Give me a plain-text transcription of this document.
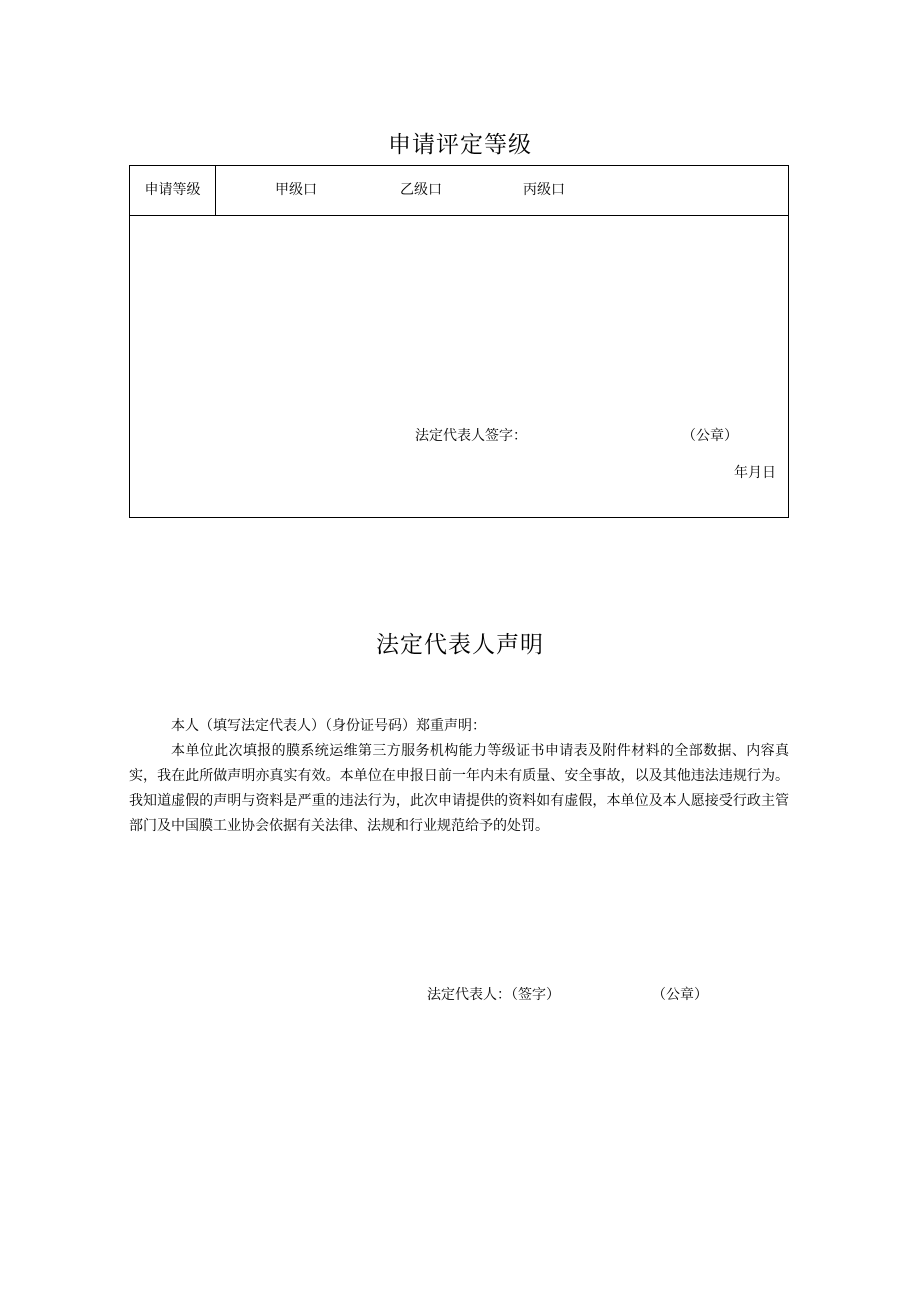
申请评定等级
申请等级	甲级口	乙级口	丙级口
法定代表人签字：	（公章）
年月日
法定代表人声明
本人（填写法定代表人）（身份证号码）郑重声明：
本单位此次填报的膜系统运维第三方服务机构能力等级证书申请表及附件材料的全部数据、内容真实，我在此所做声明亦真实有效。本单位在申报日前一年内未有质量、安全事故，以及其他违法违规行为。我知道虚假的声明与资料是严重的违法行为，此次申请提供的资料如有虚假，本单位及本人愿接受行政主管部门及中国膜工业协会依据有关法律、法规和行业规范给予的处罚。
法定代表人：（签字）	（公章）
